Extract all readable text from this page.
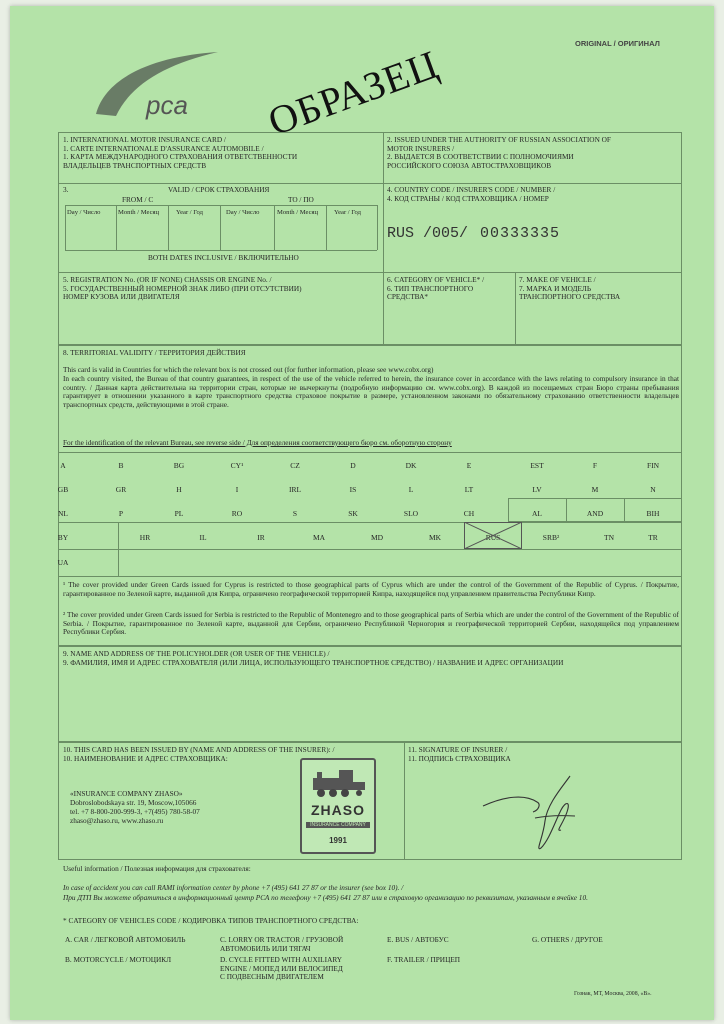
рса ОБРАЗЕЦ	ORIGINAL / ОРИГИНАЛ
1. INTERNATIONAL MOTOR INSURANCE CARD /
1. CARTE INTERNATIONALE D'ASSURANCE AUTOMOBILE /
1. КАРТА МЕЖДУНАРОДНОГО СТРАХОВАНИЯ ОТВЕТСТВЕННОСТИ
ВЛАДЕЛЬЦЕВ ТРАНСПОРТНЫХ СРЕДСТВ
2. ISSUED UNDER THE AUTHORITY OF RUSSIAN ASSOCIATION OF
MOTOR INSURERS /
2. ВЫДАЕТСЯ В СООТВЕТСТВИИ С ПОЛНОМОЧИЯМИ
РОССИЙСКОГО СОЮЗА АВТОСТРАХОВЩИКОВ
3.	VALID / СРОК СТРАХОВАНИЯ
FROM / С	TO / ПО
Day / Число	Month / Месяц	Year / Год	Day / Число	Month / Месяц Year / Год
BOTH DATES INCLUSIVE / ВКЛЮЧИТЕЛЬНО
4. COUNTRY CODE / INSURER'S CODE / NUMBER /
4. КОД СТРАНЫ / КОД СТРАХОВЩИКА / НОМЕР
RUS /005/ 00333335
5. REGISTRATION No. (OR IF NONE) CHASSIS OR ENGINE No. /
5. ГОСУДАРСТВЕННЫЙ НОМЕРНОЙ ЗНАК ЛИБО (ПРИ ОТСУТСТВИИ)
НОМЕР КУЗОВА ИЛИ ДВИГАТЕЛЯ
6. CATEGORY OF VEHICLE* /
6. ТИП ТРАНСПОРТНОГО
СРЕДСТВА*
7. MAKE OF VEHICLE /
7. МАРКА И МОДЕЛЬ
ТРАНСПОРТНОГО СРЕДСТВА
8. TERRITORIAL VALIDITY / ТЕРРИТОРИЯ ДЕЙСТВИЯ
This card is valid in Countries for which the relevant box is not crossed out (for further information, please see www.cobx.org)
In each country visited, the Bureau of that country guarantees, in respect of the use of the vehicle referred to herein, the insurance cover in accordance with the laws relating to compulsory insurance in that country. / Данная карта действительна на территории стран, которые не вычеркнуты (подробную информацию см. www.cobx.org). В каждой из посещаемых стран Бюро страны пребывания гарантирует в отношении указанного в карте транспортного средства страховое покрытие в размере, установленном законами по обязательному страхованию ответственности владельцев транспортных средств, действующими в этой стране.
For the identification of the relevant Bureau, see reverse side / Для определения соответствующего бюро см. оборотную сторону
A	B	BG	CY¹	CZ	D	DK	E	EST	F	FIN
GB	GR	H	I	IRL	IS	L	LT	LV	M	N
NL	P	PL	RO	S	SK	SLO	CH	AL	AND	BIH
BY	HR	IL	IR	MA	MD	MK	RUS	SRB²	TN	TR
UA
¹ The cover provided under Green Cards issued for Cyprus is restricted to those geographical parts of Cyprus which are under the control of the Government of the Republic of Cyprus. / Покрытие, гарантированное по Зеленой карте, выданной для Кипра, ограничено географической территорией Кипра, находящейся под управлением правительства Республики Кипр.
² The cover provided under Green Cards issued for Serbia is restricted to the Republic of Montenegro and to those geographical parts of Serbia which are under the control of the Government of the Republic of Serbia. / Покрытие, гарантированное по Зеленой карте, выданной для Сербии, ограничено Республикой Черногория и географической территорией Сербии, находящейся под управлением Республики Сербия.
9. NAME AND ADDRESS OF THE POLICYHOLDER (OR USER OF THE VEHICLE) /
9. ФАМИЛИЯ, ИМЯ И АДРЕС СТРАХОВАТЕЛЯ (ИЛИ ЛИЦА, ИСПОЛЬЗУЮЩЕГО ТРАНСПОРТНОЕ СРЕДСТВО) / НАЗВАНИЕ И АДРЕС ОРГАНИЗАЦИИ
10. THIS CARD HAS BEEN ISSUED BY (NAME AND ADDRESS OF THE INSURER): /
10. НАИМЕНОВАНИЕ И АДРЕС СТРАХОВЩИКА:
«INSURANCE COMPANY ZHASO»
Dobroslobodskaya str. 19, Moscow,105066
tel. +7 8-800-200-999-3, +7(495) 780-58-07
zhaso@zhaso.ru, www.zhaso.ru
ZHASO
INSURANCE COMPANY
1991
11. SIGNATURE OF INSURER /
11. ПОДПИСЬ СТРАХОВЩИКА
Useful information / Полезная информация для страхователя:
In case of accident you can call RAMI information center by phone +7 (495) 641 27 87 or the insurer (see box 10). /
При ДТП Вы можете обратиться в информационный центр РСА по телефону +7 (495) 641 27 87 или в страховую организацию по реквизитам, указанным в ячейке 10.
* CATEGORY OF VEHICLES CODE / КОДИРОВКА ТИПОВ ТРАНСПОРТНОГО СРЕДСТВА:
A. CAR / ЛЕГКОВОЙ АВТОМОБИЛЬ
B. MOTORCYCLE / МОТОЦИКЛ
C. LORRY OR TRACTOR / ГРУЗОВОЙ
АВТОМОБИЛЬ ИЛИ ТЯГАЧ
D. CYCLE FITTED WITH AUXILIARY
ENGINE / МОПЕД ИЛИ ВЕЛОСИПЕД
С ПОДВЕСНЫМ ДВИГАТЕЛЕМ
E. BUS / АВТОБУС
F. TRAILER / ПРИЦЕП
G. OTHERS / ДРУГОЕ
Гознак, МТ, Москва, 2008, «В».
